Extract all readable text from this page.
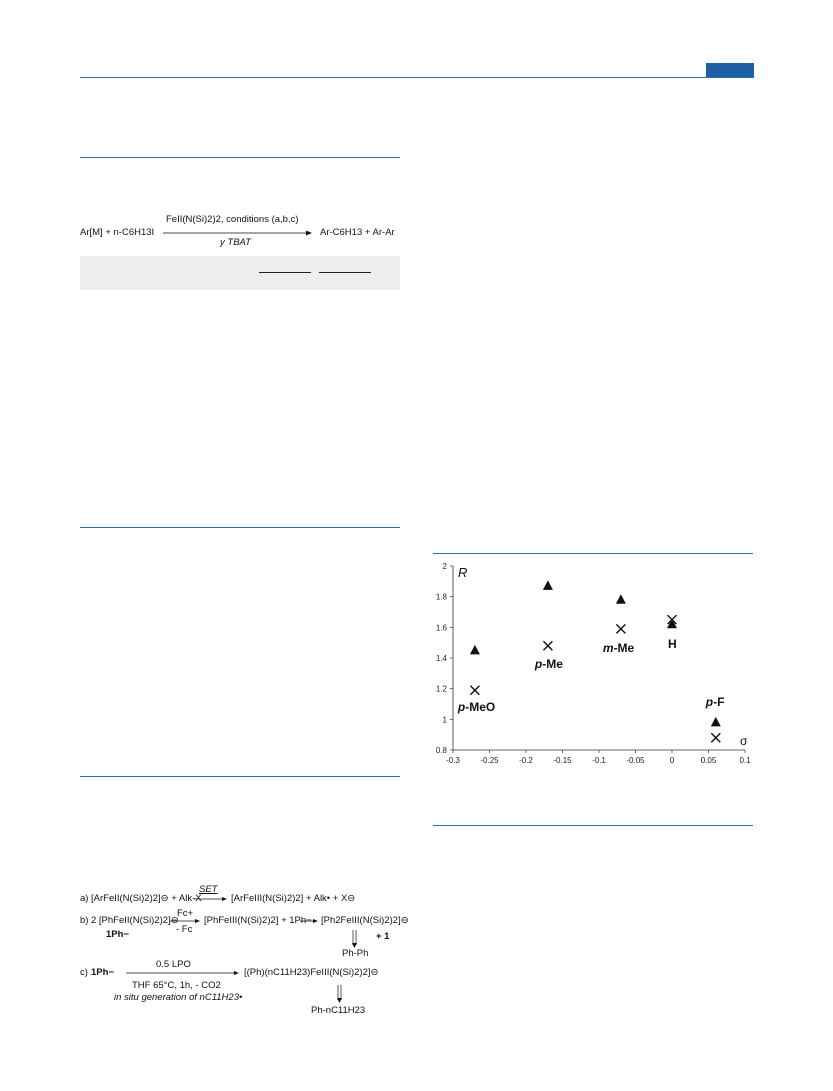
Ar[M] + n-C6H13I
FeII(N(Si)2)2, conditions (a,b,c)
y TBAT
Ar-C6H13 + Ar-Ar
a) [ArFeII(N(Si)2)2]⊖ + Alk-X
SET
[ArFeIII(N(Si)2)2] + Alk• + X⊖
b) 2 [PhFeII(N(Si)2)2]⊖
1Ph−
Fc+
- Fc
[PhFeIII(N(Si)2)2] + 1Ph− [Ph2FeIII(N(Si)2)2]⊖
+ 1
Ph-Ph
c) 1Ph−
0.5 LPO
THF 65°C, 1h, - CO2
in situ generation of nC11H23•
[(Ph)(nC11H23)FeIII(N(Si)2)2]⊖
Ph-nC11H23
-0.3	-0.25	-0.2	-0.15	-0.1	-0.05	0	0.05	0.1
0.8
1
1.2
1.4
1.6
1.8
2
p-MeO
p-Me
m-Me	H
p-F
R
σ
